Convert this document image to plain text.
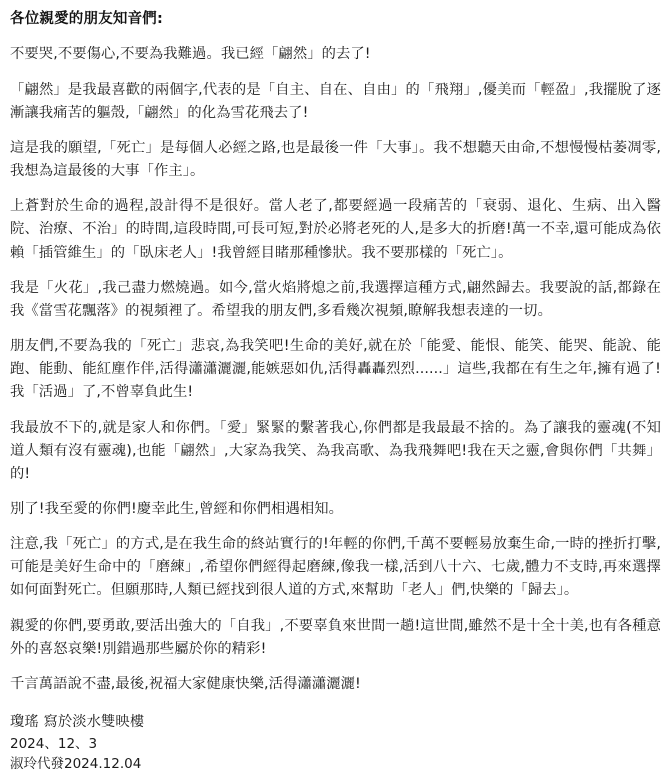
各位親愛的朋友知音們:

不要哭,不要傷心,不要為我難過。我已經「翩然」的去了!

「翩然」是我最喜歡的兩個字,代表的是「自主、自在、自由」的「飛翔」,優美而「輕盈」,我擺脫了逐漸讓我痛苦的軀殼,「翩然」的化為雪花飛去了!

這是我的願望,「死亡」是每個人必經之路,也是最後一件「大事」。我不想聽天由命,不想慢慢枯萎凋零,我想為這最後的大事「作主」。

上蒼對於生命的過程,設計得不是很好。當人老了,都要經過一段痛苦的「衰弱、退化、生病、出入醫院、治療、不治」的時間,這段時間,可長可短,對於必將老死的人,是多大的折磨!萬一不幸,還可能成為依賴「插管維生」的「臥床老人」!我曾經目睹那種慘狀。我不要那樣的「死亡」。

我是「火花」,我己盡力燃燒過。如今,當火焰將熄之前,我選擇這種方式,翩然歸去。我要說的話,都錄在我《當雪花飄落》的視頻裡了。希望我的朋友們,多看幾次視頻,瞭解我想表達的一切。

朋友們,不要為我的「死亡」悲哀,為我笑吧!生命的美好,就在於「能愛、能恨、能笑、能哭、能說、能跑、能動、能紅塵作伴,活得瀟瀟灑灑,能嫉惡如仇,活得轟轟烈烈......」這些,我都在有生之年,擁有過了!我「活過」了,不曾辜負此生!

我最放不下的,就是家人和你們。「愛」緊緊的繫著我心,你們都是我最最不捨的。為了讓我的靈魂(不知道人類有沒有靈魂),也能「翩然」,大家為我笑、為我高歌、為我飛舞吧!我在天之靈,會與你們「共舞」的!

別了!我至愛的你們!慶幸此生,曾經和你們相遇相知。

注意,我「死亡」的方式,是在我生命的終站實行的!年輕的你們,千萬不要輕易放棄生命,一時的挫折打擊,可能是美好生命中的「磨練」,希望你們經得起磨練,像我一樣,活到八十六、七歲,體力不支時,再來選擇如何面對死亡。但願那時,人類已經找到很人道的方式,來幫助「老人」們,快樂的「歸去」。

親愛的你們,要勇敢,要活出強大的「自我」,不要辜負來世間一趟!這世間,雖然不是十全十美,也有各種意外的喜怒哀樂!別錯過那些屬於你的精彩!

千言萬語說不盡,最後,祝福大家健康快樂,活得瀟瀟灑灑!

瓊瑤 寫於淡水雙映樓

2024、12、3

淑玲代發2024.12.04
